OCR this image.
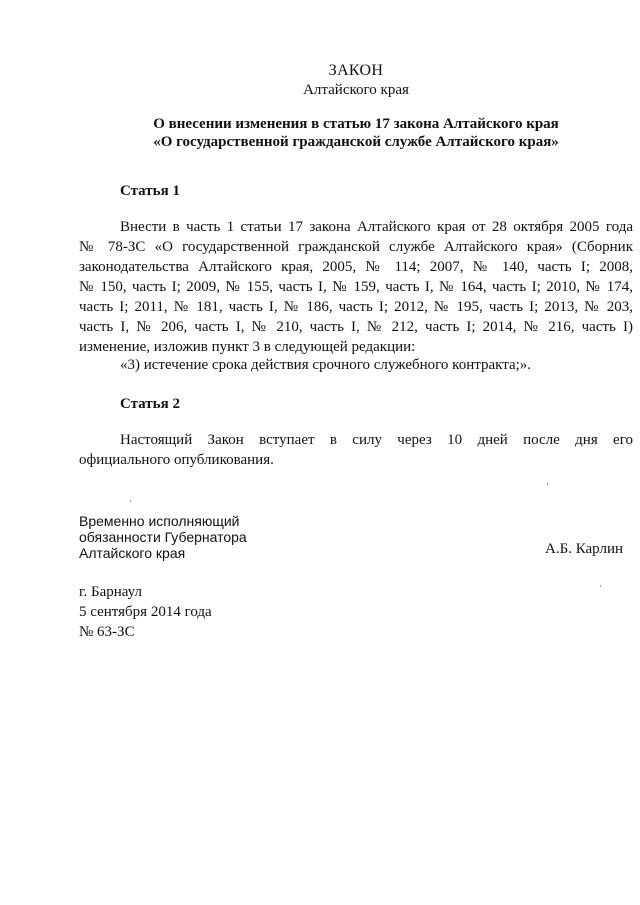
ЗАКОН
Алтайского края
О внесении изменения в статью 17 закона Алтайского края
«О государственной гражданской службе Алтайского края»
Статья 1
Внести в часть 1 статьи 17 закона Алтайского края от 28 октября 2005 года
№ 78-ЗС «О государственной гражданской службе Алтайского края» (Сборник
законодательства Алтайского края, 2005, № 114; 2007, № 140, часть I; 2008,
№ 150, часть I; 2009, № 155, часть I, № 159, часть I, № 164, часть I; 2010, № 174,
часть I; 2011, № 181, часть I, № 186, часть I; 2012, № 195, часть I; 2013, № 203,
часть I, № 206, часть I, № 210, часть I, № 212, часть I; 2014, № 216, часть I)
изменение, изложив пункт 3 в следующей редакции:
«3) истечение срока действия срочного служебного контракта;».
Статья 2
Настоящий Закон вступает в силу через 10 дней после дня его
официального опубликования.
Временно исполняющий
обязанности Губернатора
Алтайского края	А.Б. Карлин
г. Барнаул
5 сентября 2014 года
№ 63-ЗС
